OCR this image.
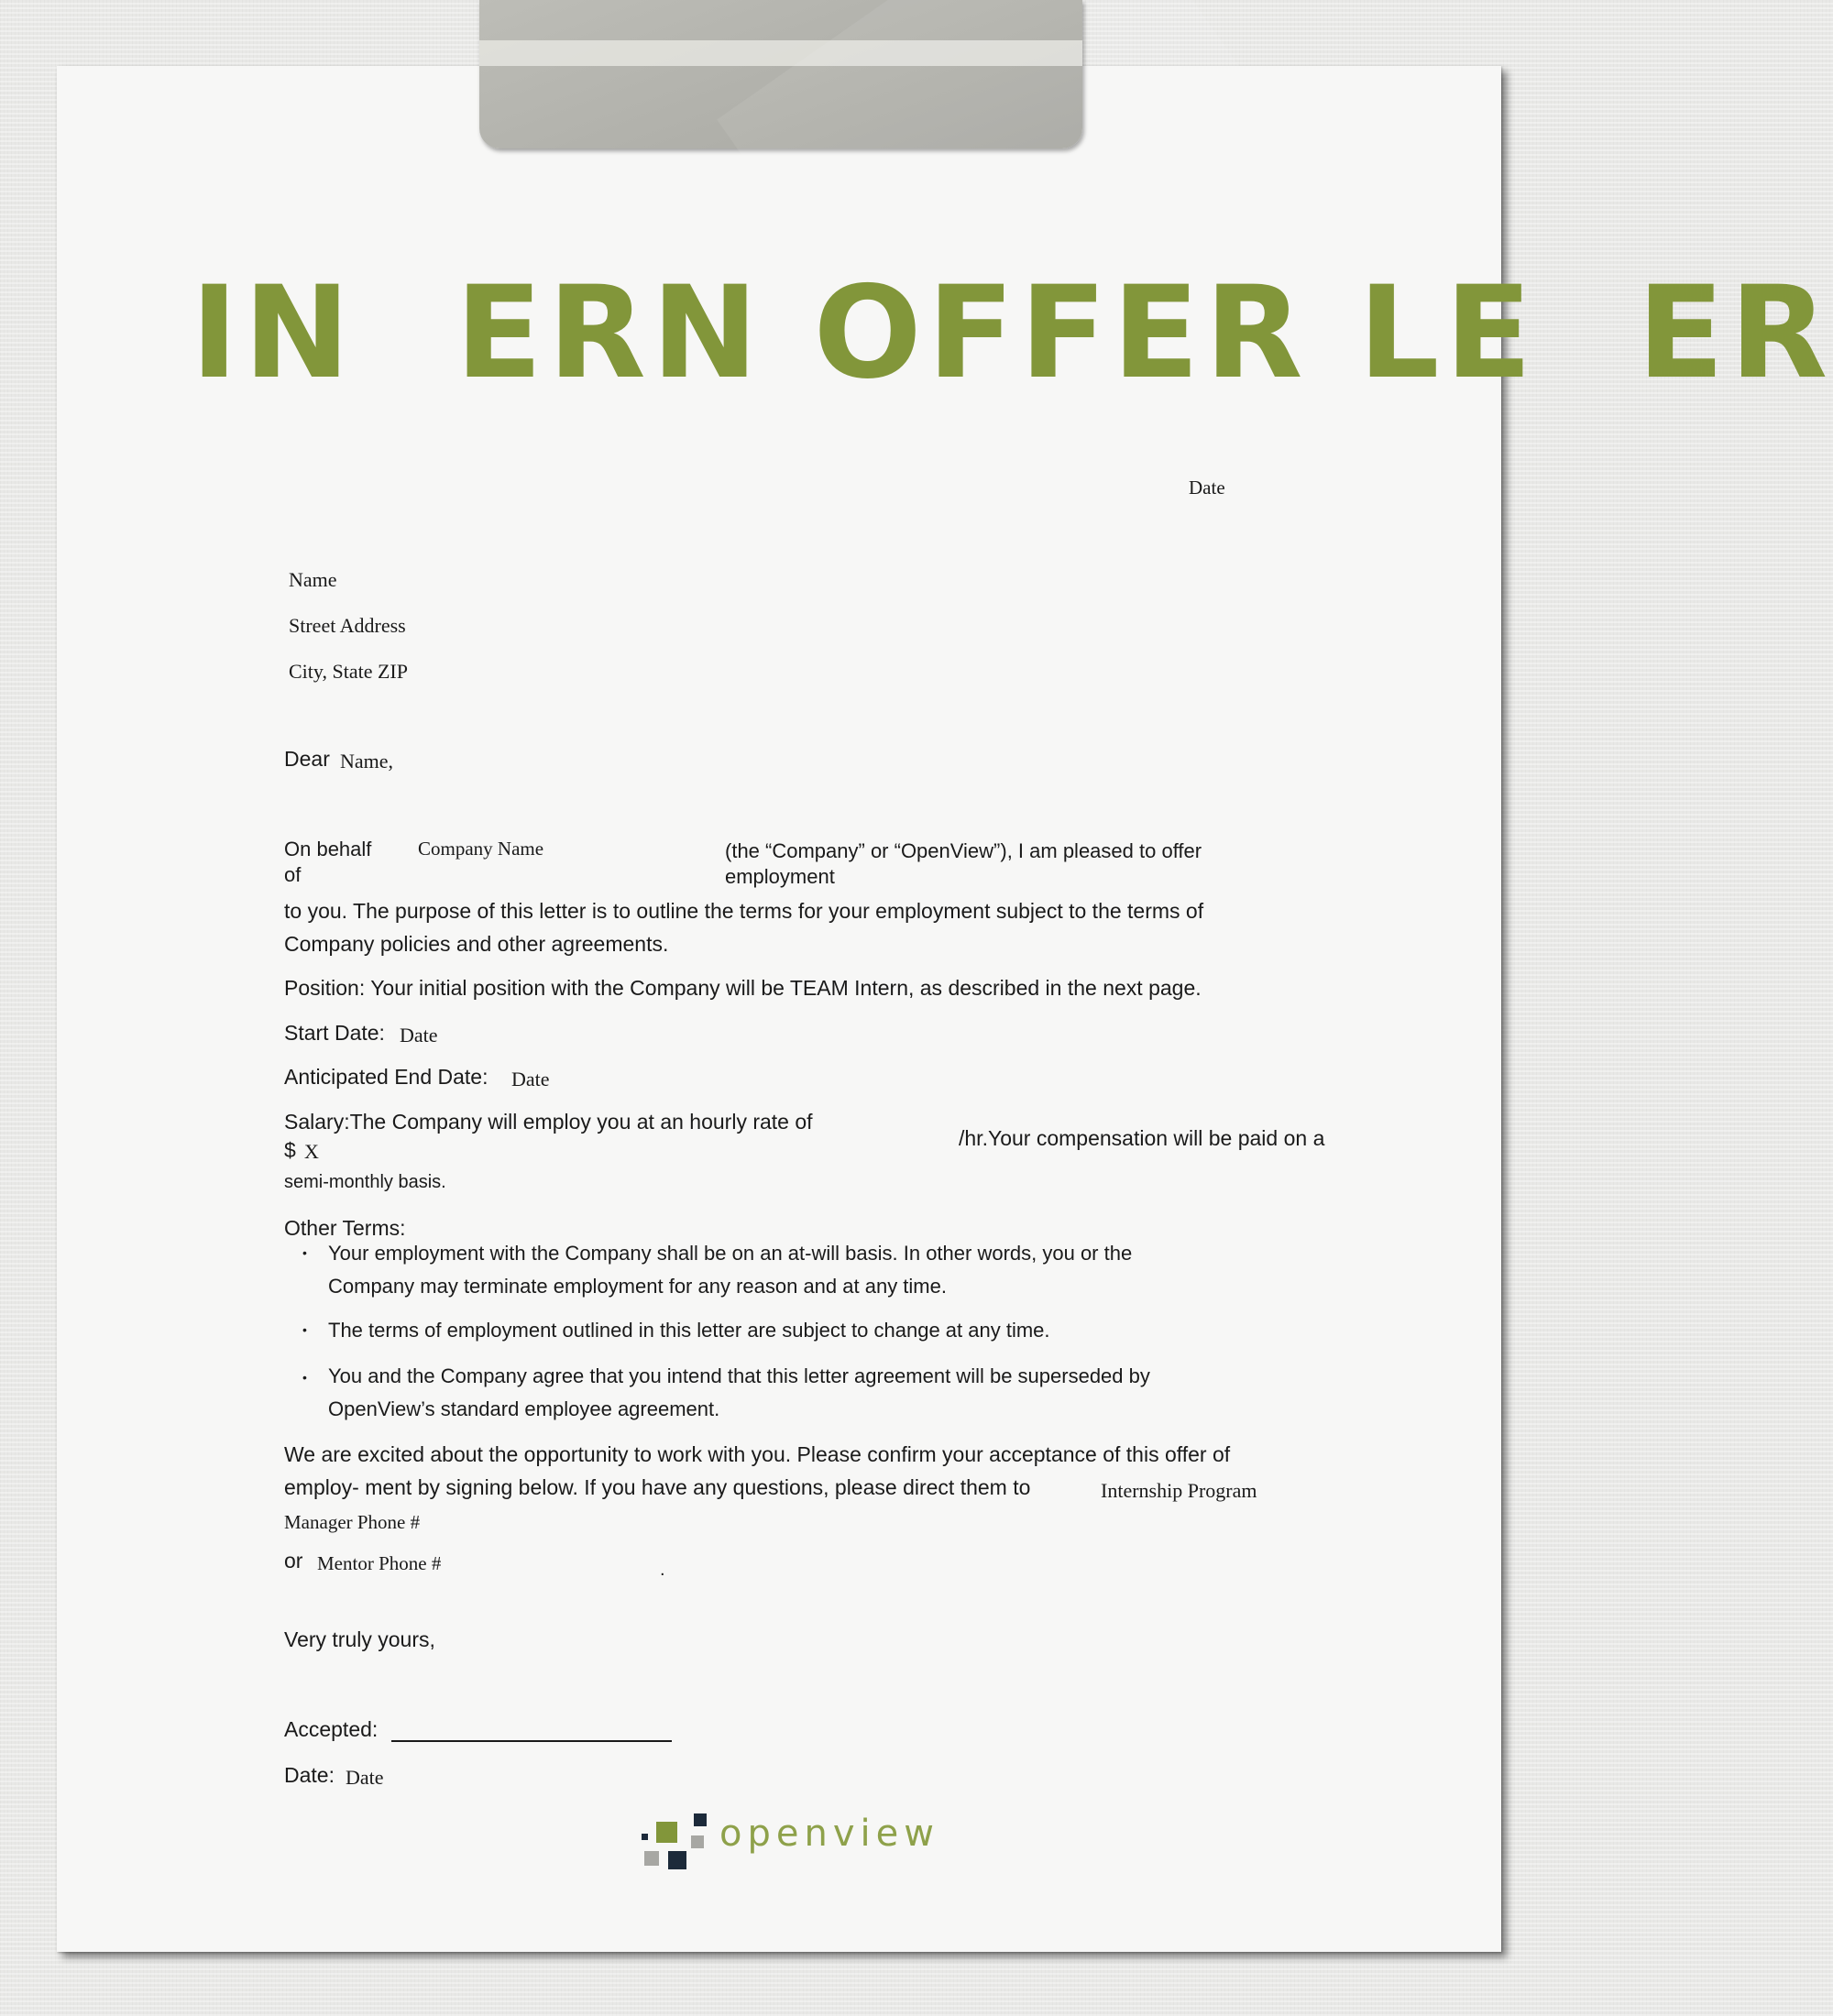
IN  ERN OFFER LE  ER
Date
Name
Street Address
City, State ZIP
Dear Name,
On behalf
of
Company Name	(the “Company” or “OpenView”), I am pleased to offer
employment
to you. The purpose of this letter is to outline the terms for your employment subject to the terms of
Company policies and other agreements.
Position: Your initial position with the Company will be TEAM Intern, as described in the next page.
Start Date: Date
Anticipated End Date: Date
Salary:The Company will employ you at an hourly rate of
$ X
/hr.Your compensation will be paid on a
semi-monthly basis.
Other Terms:
• Your employment with the Company shall be on an at-will basis. In other words, you or the
Company may terminate employment for any reason and at any time.
• The terms of employment outlined in this letter are subject to change at any time.
• You and the Company agree that you intend that this letter agreement will be superseded by
OpenView’s standard employee agreement.
We are excited about the opportunity to work with you. Please confirm your acceptance of this offer of
employ- ment by signing below. If you have any questions, please direct them to	Internship Program
Manager Phone #
or Mentor Phone #	.
Very truly yours,
Accepted:
Date: Date
openview
